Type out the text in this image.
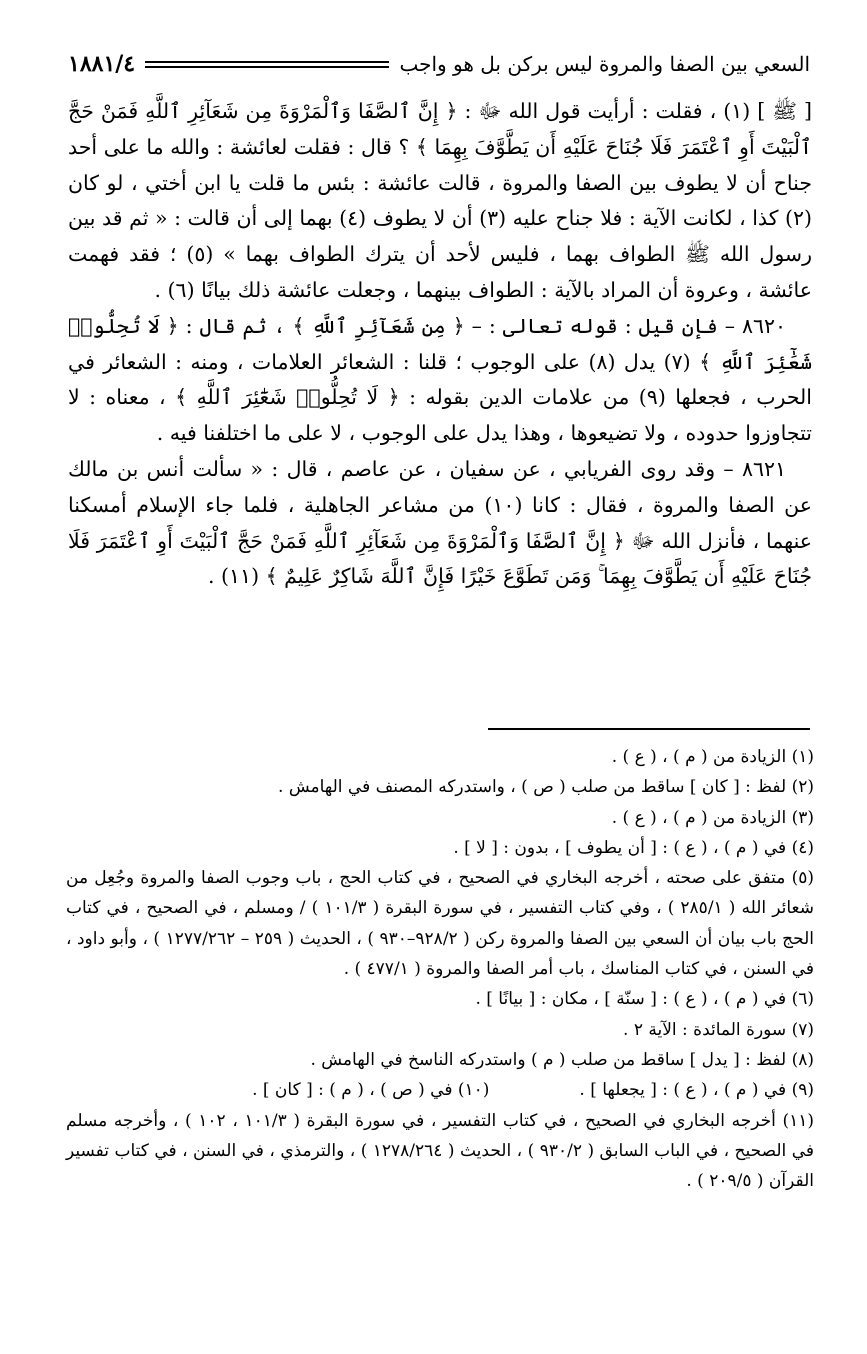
١٨٨١/٤	السعي بين الصفا والمروة ليس بركن بل هو واجب

[ ﷺ ] (١) ، فقلت : أرأيت قول الله ﷻ : ﴿ إِنَّ ٱلصَّفَا وَٱلْمَرْوَةَ مِن شَعَآئِرِ ٱللَّهِ فَمَنْ حَجَّ ٱلْبَيْتَ أَوِ ٱعْتَمَرَ فَلَا جُنَاحَ عَلَيْهِ أَن يَطَّوَّفَ بِهِمَا ﴾ ؟ قال : فقلت لعائشة : والله ما على أحد جناح أن لا يطوف بين الصفا والمروة ، قالت عائشة : بئس ما قلت يا ابن أختي ، لو كان (٢) كذا ، لكانت الآية : فلا جناح عليه (٣) أن لا يطوف (٤) بهما إلى أن قالت : « ثم قد بين رسول الله ﷺ الطواف بهما ، فليس لأحد أن يترك الطواف بهما » (٥) ؛ فقد فهمت عائشة ، وعروة أن المراد بالآية : الطواف بينهما ، وجعلت عائشة ذلك بيانًا (٦) .

٨٦٢٠ – فإن قيل : قوله تعالى : – ﴿ مِن شَعَآئِرِ ٱللَّهِ ﴾ ، ثم قال : ﴿ لَا تُحِلُّوا۟ شَعَٰٓئِرَ ٱللَّهِ ﴾ (٧) يدل (٨) على الوجوب ؛ قلنا : الشعائر العلامات ، ومنه : الشعائر في الحرب ، فجعلها (٩) من علامات الدين بقوله : ﴿ لَا تُحِلُّوا۟ شَعَٰٓئِرَ ٱللَّهِ ﴾ ، معناه : لا تتجاوزوا حدوده ، ولا تضيعوها ، وهذا يدل على الوجوب ، لا على ما اختلفنا فيه .

٨٦٢١ – وقد روى الفريابي ، عن سفيان ، عن عاصم ، قال : « سألت أنس بن مالك عن الصفا والمروة ، فقال : كانا (١٠) من مشاعر الجاهلية ، فلما جاء الإسلام أمسكنا عنهما ، فأنزل الله ﷻ ﴿ إِنَّ ٱلصَّفَا وَٱلْمَرْوَةَ مِن شَعَآئِرِ ٱللَّهِ فَمَنْ حَجَّ ٱلْبَيْتَ أَوِ ٱعْتَمَرَ فَلَا جُنَاحَ عَلَيْهِ أَن يَطَّوَّفَ بِهِمَا ۚ وَمَن تَطَوَّعَ خَيْرًا فَإِنَّ ٱللَّهَ شَاكِرٌ عَلِيمٌ ﴾ (١١) .

(١) الزيادة من ( م ) ، ( ع ) .

(٢) لفظ : [ كان ] ساقط من صلب ( ص ) ، واستدركه المصنف في الهامش .

(٣) الزيادة من ( م ) ، ( ع ) .

(٤) في ( م ) ، ( ع ) : [ أن يطوف ] ، بدون : [ لا ] .

(٥) متفق على صحته ، أخرجه البخاري في الصحيح ، في كتاب الحج ، باب وجوب الصفا والمروة وجُعِل من شعائر الله ( ٢٨٥/١ ) ، وفي كتاب التفسير ، في سورة البقرة ( ١٠١/٣ ) / ومسلم ، في الصحيح ، في كتاب الحج باب بيان أن السعي بين الصفا والمروة ركن ( ٩٢٨/٢–٩٣٠ ) ، الحديث ( ٢٥٩ – ١٢٧٧/٢٦٢ ) ، وأبو داود ، في السنن ، في كتاب المناسك ، باب أمر الصفا والمروة ( ٤٧٧/١ ) .

(٦) في ( م ) ، ( ع ) : [ سنّة ] ، مكان : [ بيانًا ] .

(٧) سورة المائدة : الآية ٢ .

(٨) لفظ : [ يدل ] ساقط من صلب ( م ) واستدركه الناسخ في الهامش .

(٩) في ( م ) ، ( ع ) : [ يجعلها ] .
(١٠) في ( ص ) ، ( م ) : [ كان ] .

(١١) أخرجه البخاري في الصحيح ، في كتاب التفسير ، في سورة البقرة ( ١٠١/٣ ، ١٠٢ ) ، وأخرجه مسلم في الصحيح ، في الباب السابق ( ٩٣٠/٢ ) ، الحديث ( ١٢٧٨/٢٦٤ ) ، والترمذي ، في السنن ، في كتاب تفسير القرآن ( ٢٠٩/٥ ) .
